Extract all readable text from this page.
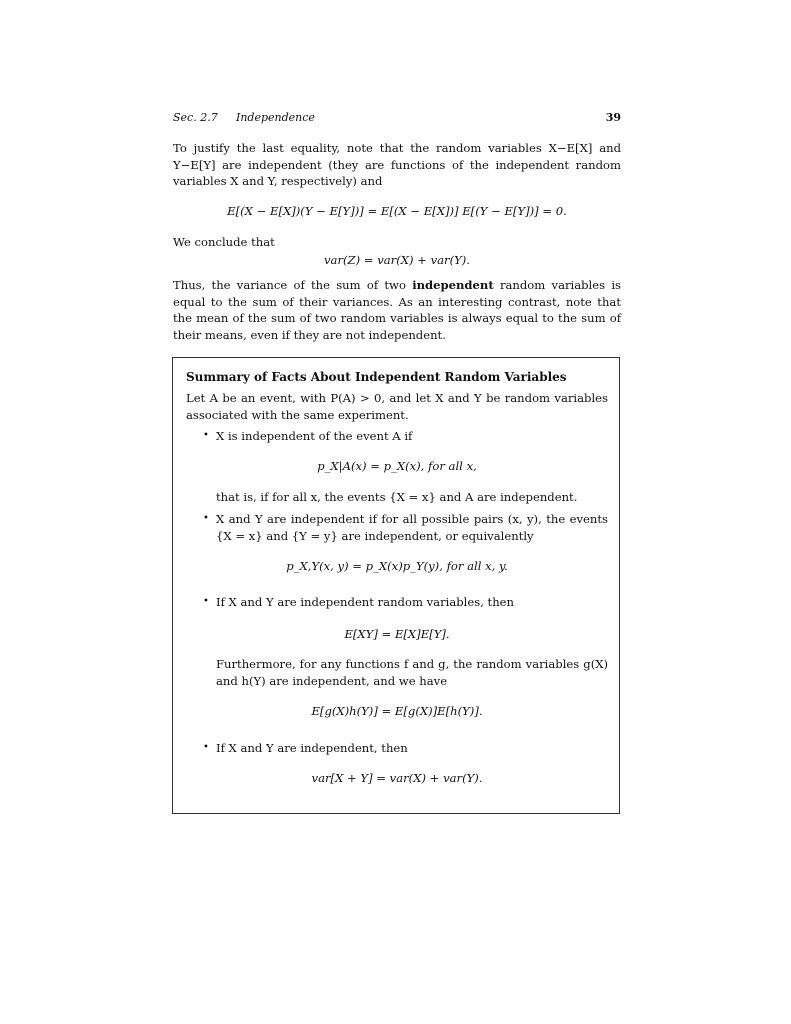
Sec. 2.7 Independence	39
To justify the last equality, note that the random variables X−E[X] and Y−E[Y] are independent (they are functions of the independent random variables X and Y, respectively) and
E[(X − E[X])(Y − E[Y])] = E[(X − E[X])] E[(Y − E[Y])] = 0.
We conclude that
var(Z) = var(X) + var(Y).
Thus, the variance of the sum of two independent random variables is equal to the sum of their variances. As an interesting contrast, note that the mean of the sum of two random variables is always equal to the sum of their means, even if they are not independent.
Summary of Facts About Independent Random Variables
Let A be an event, with P(A) > 0, and let X and Y be random variables associated with the same experiment.
• X is independent of the event A if
p_X|A(x) = p_X(x), for all x,
that is, if for all x, the events {X = x} and A are independent.
• X and Y are independent if for all possible pairs (x, y), the events {X = x} and {Y = y} are independent, or equivalently
p_X,Y(x, y) = p_X(x)p_Y(y), for all x, y.
• If X and Y are independent random variables, then
E[XY] = E[X]E[Y].
Furthermore, for any functions f and g, the random variables g(X) and h(Y) are independent, and we have
E[g(X)h(Y)] = E[g(X)]E[h(Y)].
• If X and Y are independent, then
var[X + Y] = var(X) + var(Y).
